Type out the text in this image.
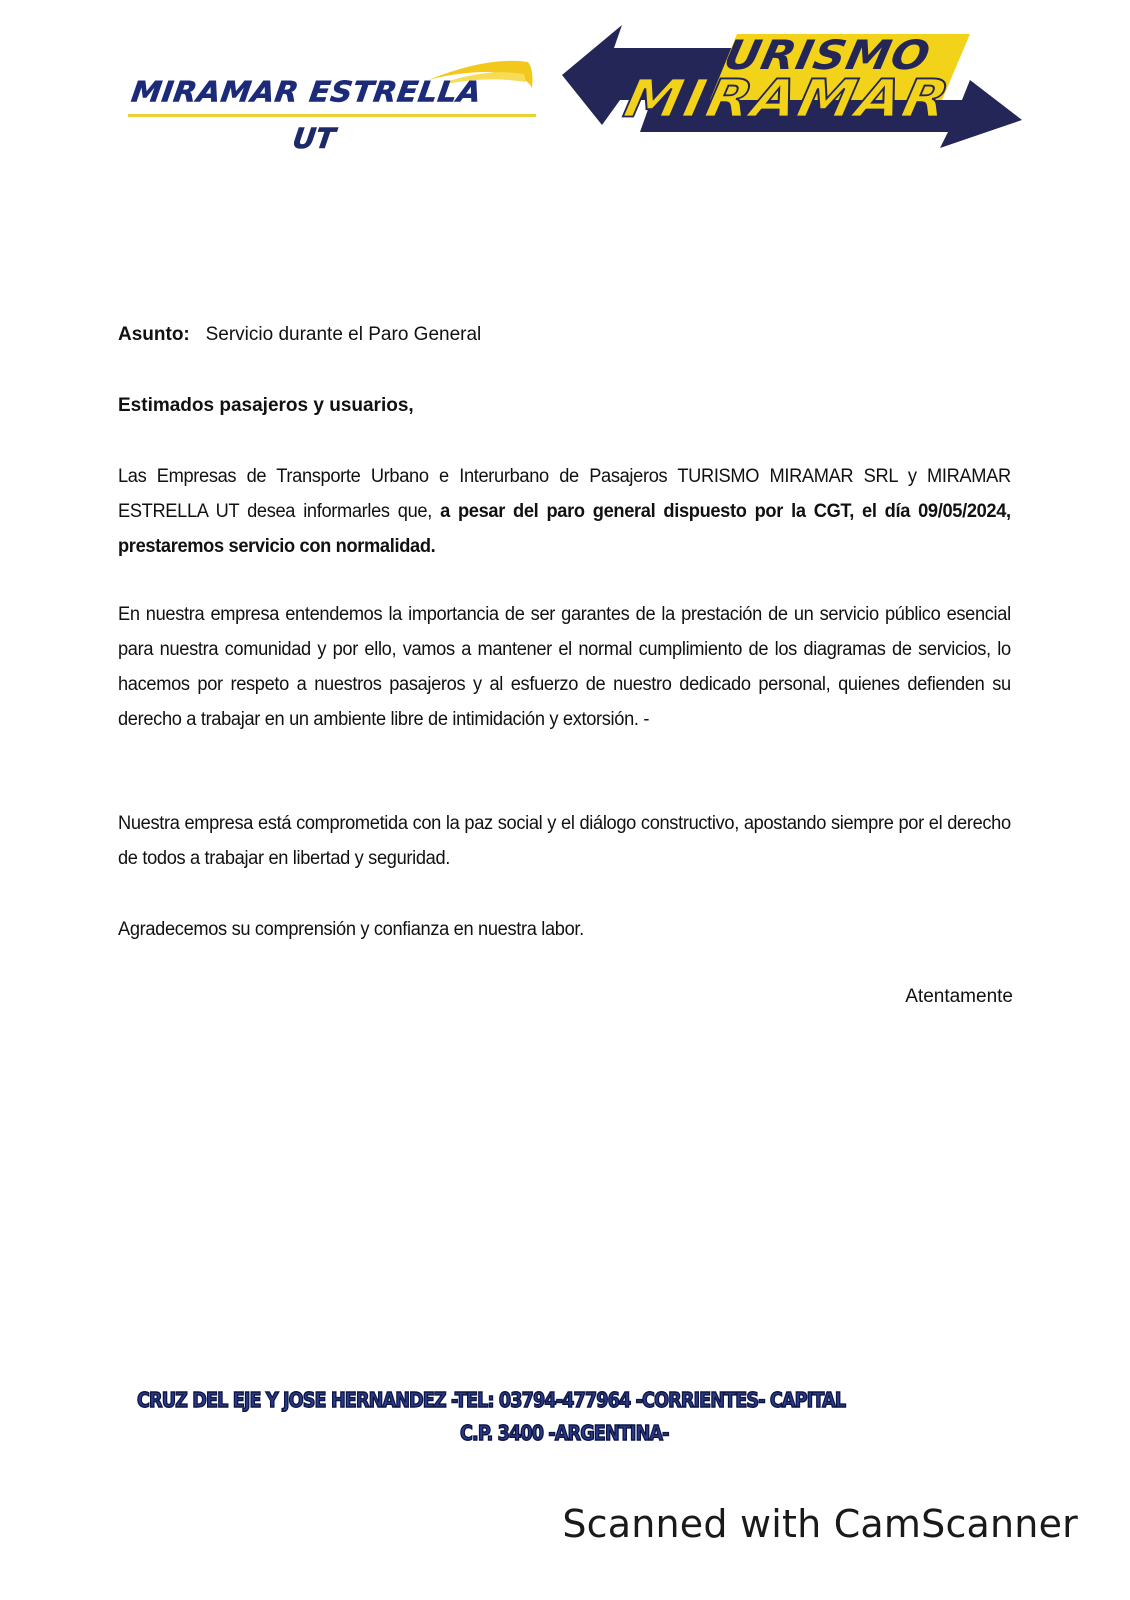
MIRAMAR ESTRELLA
UT
URISMO
MIRAMAR
Asunto: Servicio durante el Paro General
Estimados pasajeros y usuarios,
Las Empresas de Transporte Urbano e Interurbano de Pasajeros TURISMO MIRAMAR SRL y MIRAMAR ESTRELLA UT desea informarles que, a pesar del paro general dispuesto por la CGT, el día 09/05/2024, prestaremos servicio con normalidad.
En nuestra empresa entendemos la importancia de ser garantes de la prestación de un servicio público esencial para nuestra comunidad y por ello, vamos a mantener el normal cumplimiento de los diagramas de servicios, lo hacemos por respeto a nuestros pasajeros y al esfuerzo de nuestro dedicado personal, quienes defienden su derecho a trabajar en un ambiente libre de intimidación y extorsión. -
Nuestra empresa está comprometida con la paz social y el diálogo constructivo, apostando siempre por el derecho de todos a trabajar en libertad y seguridad.
Agradecemos su comprensión y confianza en nuestra labor.
Atentamente
CRUZ DEL EJE Y JOSE HERNANDEZ -TEL: 03794-477964 -CORRIENTES- CAPITAL
C.P. 3400 -ARGENTINA-
Scanned with CamScanner
